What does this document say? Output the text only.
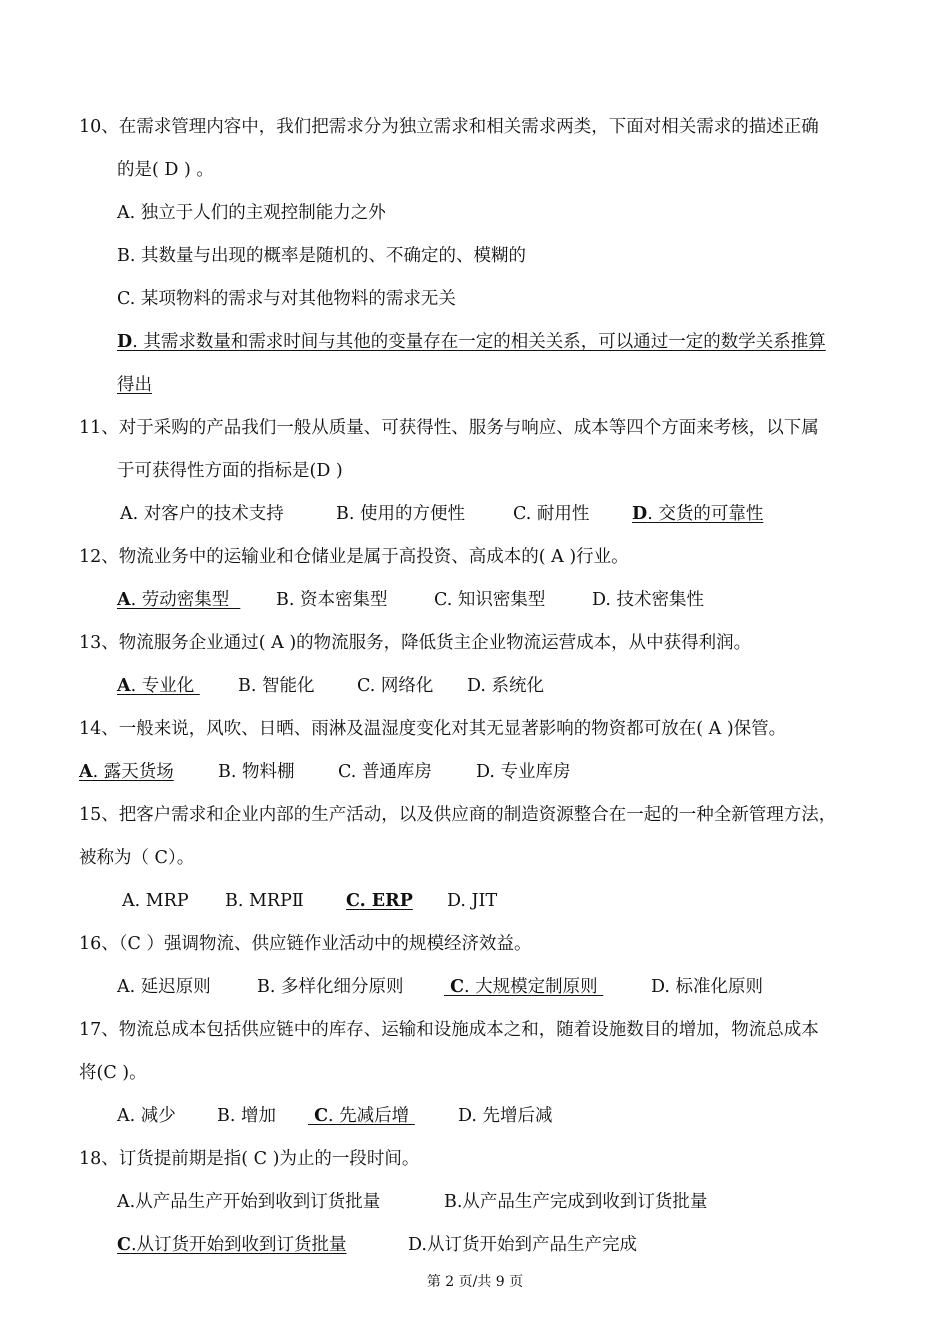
10、在需求管理内容中，我们把需求分为独立需求和相关需求两类，下面对相关需求的描述正确
的是( D ) 。
A. 独立于人们的主观控制能力之外
B. 其数量与出现的概率是随机的、不确定的、模糊的
C. 某项物料的需求与对其他物料的需求无关
D. 其需求数量和需求时间与其他的变量存在一定的相关关系，可以通过一定的数学关系推算
得出
11、对于采购的产品我们一般从质量、可获得性、服务与响应、成本等四个方面来考核，以下属
于可获得性方面的指标是(D )
A. 对客户的技术支持	B. 使用的方便性	C. 耐用性 D. 交货的可靠性
12、物流业务中的运输业和仓储业是属于高投资、高成本的( A )行业。
A. 劳动密集型 B. 资本密集型	C. 知识密集型	D. 技术密集性
13、物流服务企业通过( A )的物流服务，降低货主企业物流运营成本，从中获得利润。
A. 专业化 B. 智能化 C. 网络化 D. 系统化
14、一般来说，风吹、日晒、雨淋及温湿度变化对其无显著影响的物资都可放在( A )保管。
A. 露天货场	B. 物料棚 C. 普通库房	D. 专业库房
15、把客户需求和企业内部的生产活动，以及供应商的制造资源整合在一起的一种全新管理方法，
被称为（ C）。
A. MRP B. MRPⅡ C. ERP D. JIT
16、（C ）强调物流、供应链作业活动中的规模经济效益。
A. 延迟原则	B. 多样化细分原则 C. 大规模定制原则	D. 标准化原则
17、物流总成本包括供应链中的库存、运输和设施成本之和，随着设施数目的增加，物流总成本
将(C )。
A. 减少 B. 增加 C. 先减后增 D. 先增后减
18、订货提前期是指( C )为止的一段时间。
A.从产品生产开始到收到订货批量	B.从产品生产完成到收到订货批量
C.从订货开始到收到订货批量	D.从订货开始到产品生产完成
第 2 页/共 9 页
